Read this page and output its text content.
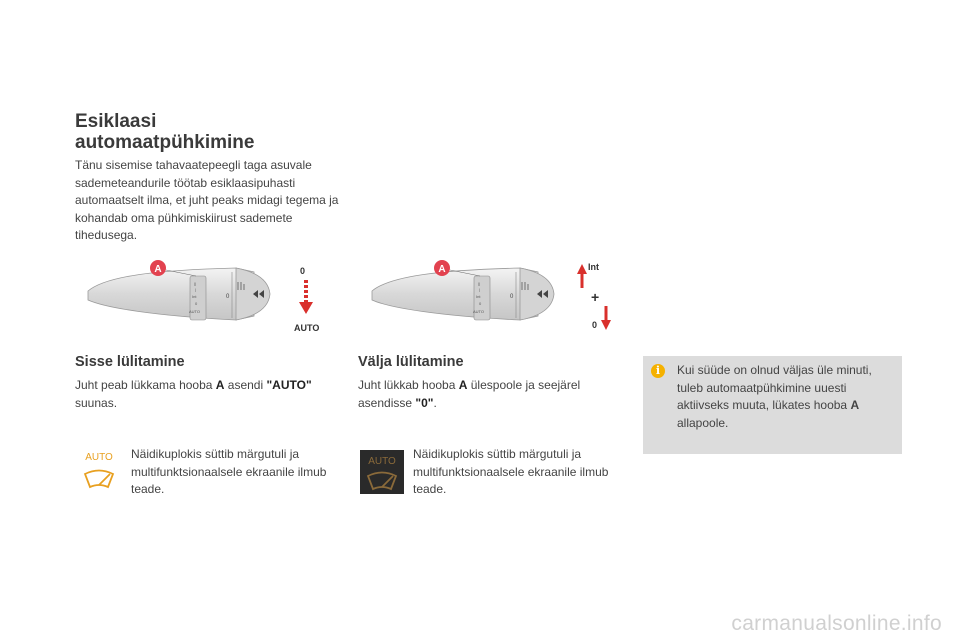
Esiklaasi
automaatpühkimine

Tänu sisemise tahavaatepeegli taga asuvale sademeteandurile töötab esiklaasipuhasti automaatselt ilma, et juht peaks midagi tegema ja kohandab oma pühkimiskiirust sademete tihedusega.

||
|
Int
0
AUTO
0
A	0
AUTO
||
|
Int
0
AUTO
0
A	Int
+
0
Sisse lülitamine

Juht peab lükkama hooba A asendi "AUTO" suunas.

AUTO Näidikuplokis süttib märgutuli ja multifunktsionaalsele ekraanile ilmub teade.

Välja lülitamine

Juht lükkab hooba A ülespoole ja seejärel asendisse "0".

AUTO

Näidikuplokis süttib märgutuli ja multifunktsionaalsele ekraanile ilmub teade.

i	Kui süüde on olnud väljas üle minuti, tuleb automaatpühkimine uuesti aktiivseks muuta, lükates hooba A allapoole.

carmanualsonline.info
